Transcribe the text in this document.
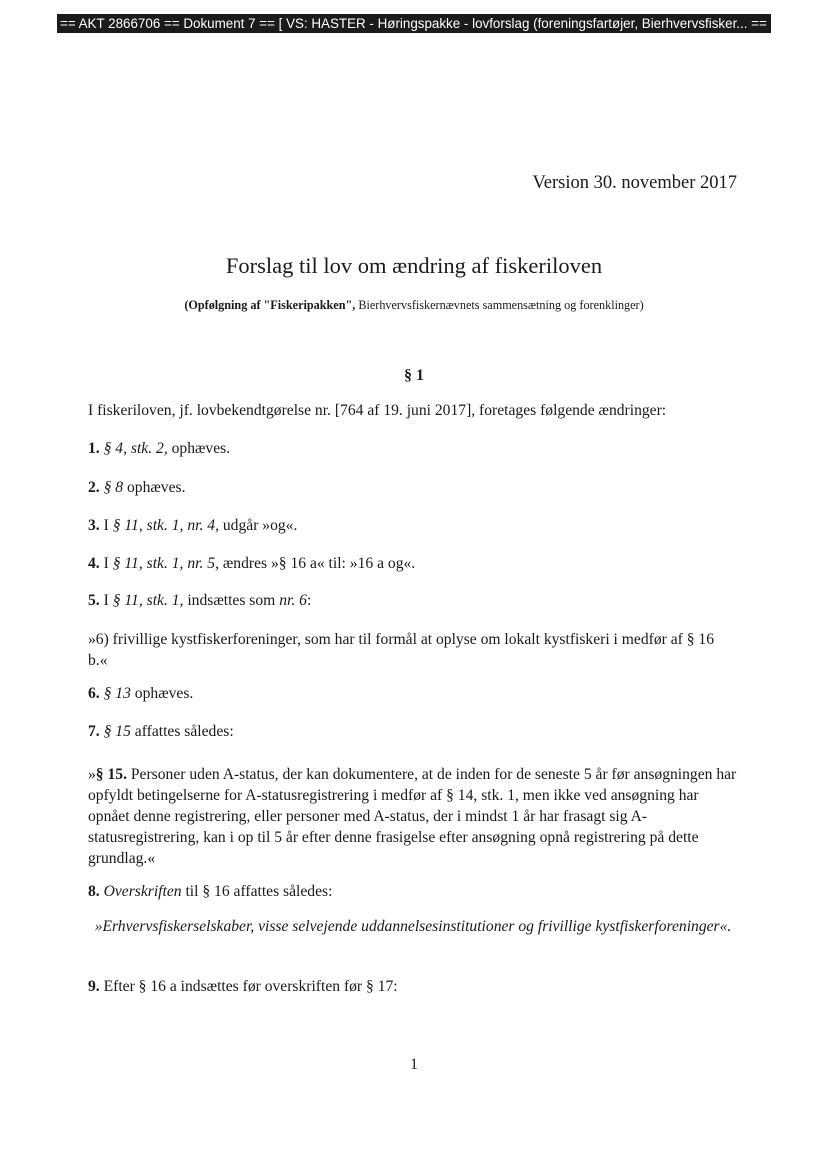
== AKT 2866706 == Dokument 7 == [ VS: HASTER - Høringspakke - lovforslag (foreningsfartøjer, Bierhvervsfisker... ==
Version 30. november 2017
Forslag til lov om ændring af fiskeriloven
(Opfølgning af "Fiskeripakken", Bierhvervsfiskernævnets sammensætning og forenklinger)
§ 1
I fiskeriloven, jf. lovbekendtgørelse nr. [764 af 19. juni 2017], foretages følgende ændringer:
1. § 4, stk. 2, ophæves.
2. § 8 ophæves.
3. I § 11, stk. 1, nr. 4, udgår »og«.
4. I § 11, stk. 1, nr. 5, ændres »§ 16 a« til: »16 a og«.
5. I § 11, stk. 1, indsættes som nr. 6:
»6) frivillige kystfiskerforeninger, som har til formål at oplyse om lokalt kystfiskeri i medfør af § 16 b.«
6. § 13 ophæves.
7. § 15 affattes således:
»§ 15. Personer uden A-status, der kan dokumentere, at de inden for de seneste 5 år før ansøgningen har opfyldt betingelserne for A-statusregistrering i medfør af § 14, stk. 1, men ikke ved ansøgning har opnået denne registrering, eller personer med A-status, der i mindst 1 år har frasagt sig A-statusregistrering, kan i op til 5 år efter denne frasigelse efter ansøgning opnå registrering på dette grundlag.«
8. Overskriften til § 16 affattes således:
»Erhvervsfiskerselskaber, visse selvejende uddannelsesinstitutioner og frivillige kystfiskerforeninger«.
9. Efter § 16 a indsættes før overskriften før § 17:
1
